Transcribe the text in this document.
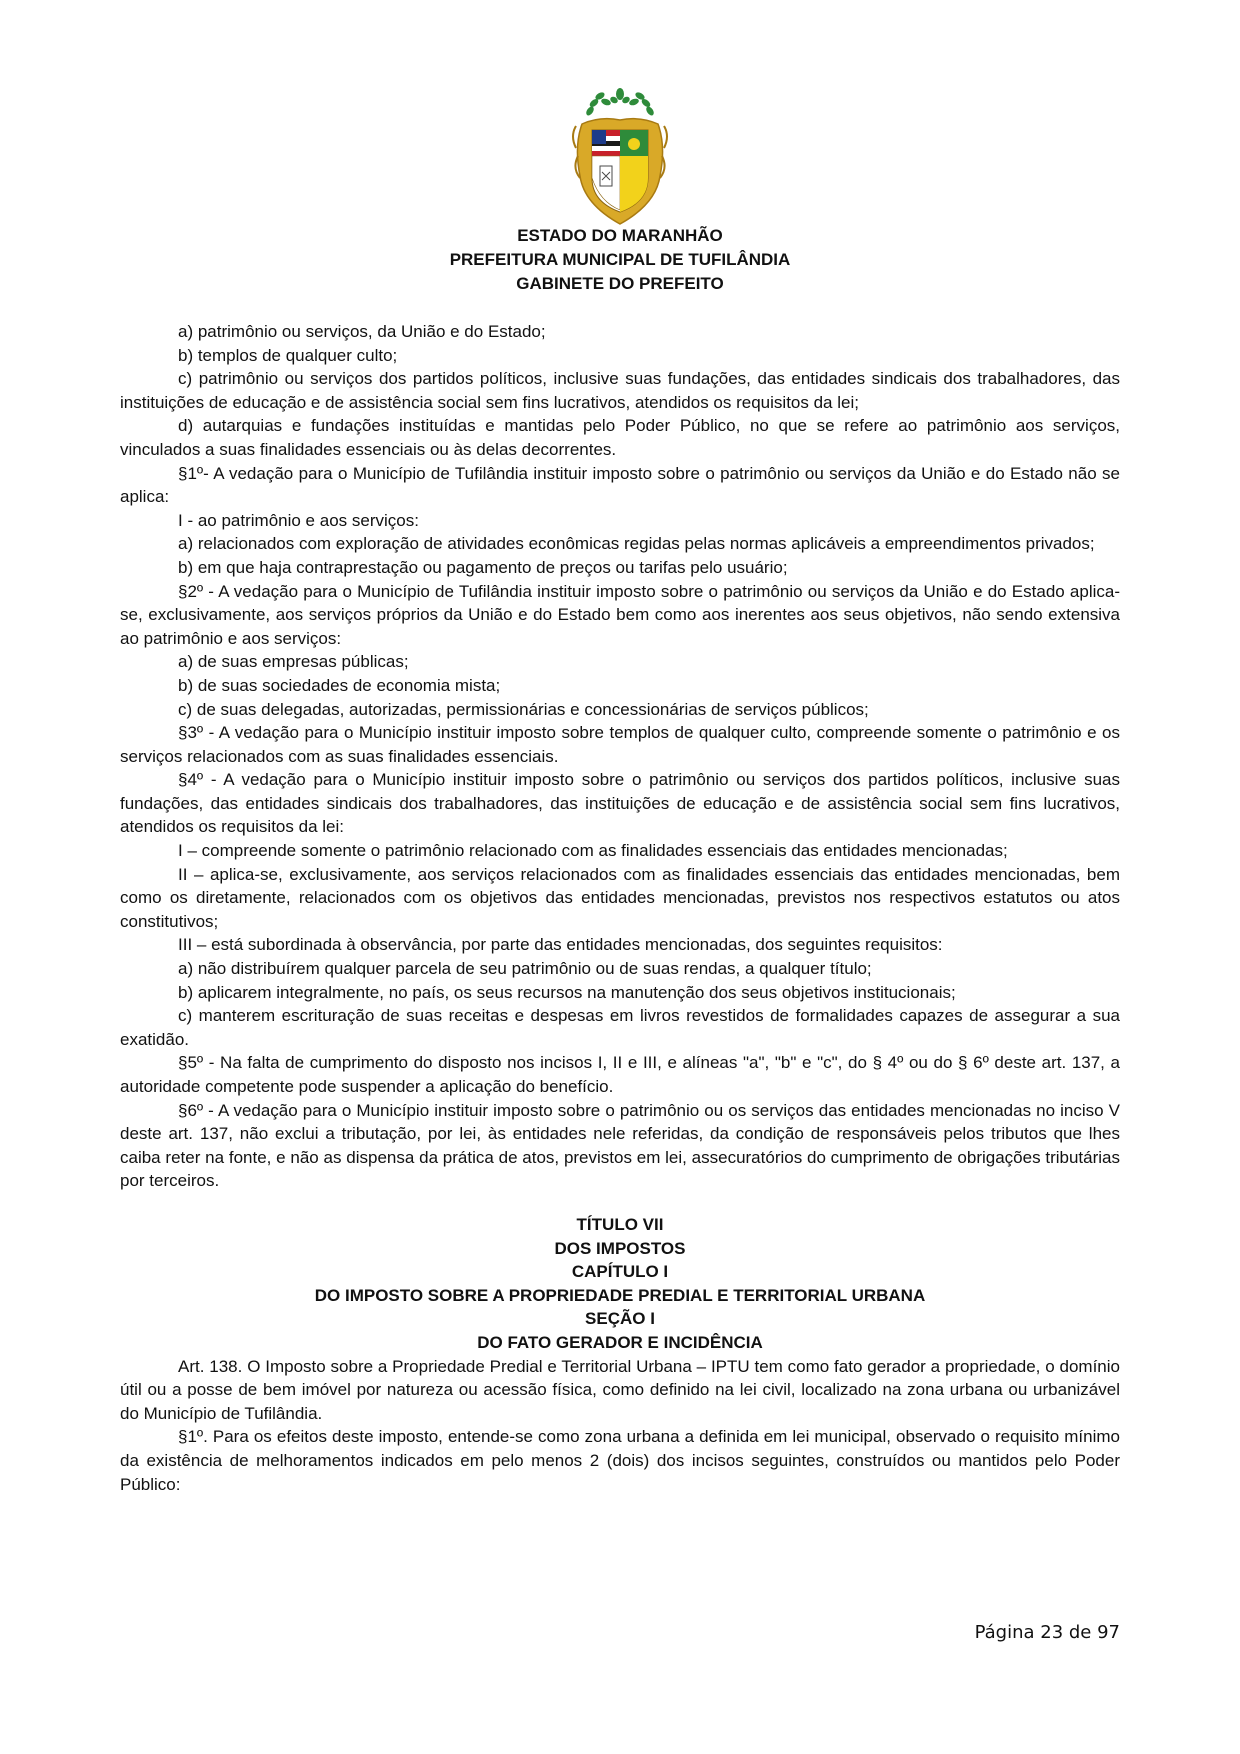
ESTADO DO MARANHÃO
PREFEITURA MUNICIPAL DE TUFILÂNDIA
GABINETE DO PREFEITO

a) patrimônio ou serviços, da União e do Estado;

b) templos de qualquer culto;

c) patrimônio ou serviços dos partidos políticos, inclusive suas fundações, das entidades sindicais dos trabalhadores, das instituições de educação e de assistência social sem fins lucrativos, atendidos os requisitos da lei;

d) autarquias e fundações instituídas e mantidas pelo Poder Público, no que se refere ao patrimônio aos serviços, vinculados a suas finalidades essenciais ou às delas decorrentes.

§1º- A vedação para o Município de Tufilândia instituir imposto sobre o patrimônio ou serviços da União e do Estado não se aplica:

I - ao patrimônio e aos serviços:

a) relacionados com exploração de atividades econômicas regidas pelas normas aplicáveis a empreendimentos privados;

b) em que haja contraprestação ou pagamento de preços ou tarifas pelo usuário;

§2º - A vedação para o Município de Tufilândia instituir imposto sobre o patrimônio ou serviços da União e do Estado aplica-se, exclusivamente, aos serviços próprios da União e do Estado bem como aos inerentes aos seus objetivos, não sendo extensiva ao patrimônio e aos serviços:

a) de suas empresas públicas;

b) de suas sociedades de economia mista;

c) de suas delegadas, autorizadas, permissionárias e concessionárias de serviços públicos;

§3º - A vedação para o Município instituir imposto sobre templos de qualquer culto, compreende somente o patrimônio e os serviços relacionados com as suas finalidades essenciais.

§4º - A vedação para o Município instituir imposto sobre o patrimônio ou serviços dos partidos políticos, inclusive suas fundações, das entidades sindicais dos trabalhadores, das instituições de educação e de assistência social sem fins lucrativos, atendidos os requisitos da lei:

I – compreende somente o patrimônio relacionado com as finalidades essenciais das entidades mencionadas;

II – aplica-se, exclusivamente, aos serviços relacionados com as finalidades essenciais das entidades mencionadas, bem como os diretamente, relacionados com os objetivos das entidades mencionadas, previstos nos respectivos estatutos ou atos constitutivos;

III – está subordinada à observância, por parte das entidades mencionadas, dos seguintes requisitos:

a) não distribuírem qualquer parcela de seu patrimônio ou de suas rendas, a qualquer título;

b) aplicarem integralmente, no país, os seus recursos na manutenção dos seus objetivos institucionais;

c) manterem escrituração de suas receitas e despesas em livros revestidos de formalidades capazes de assegurar a sua exatidão.

§5º - Na falta de cumprimento do disposto nos incisos I, II e III, e alíneas "a", "b" e "c", do § 4º ou do § 6º deste art. 137, a autoridade competente pode suspender a aplicação do benefício.

§6º - A vedação para o Município instituir imposto sobre o patrimônio ou os serviços das entidades mencionadas no inciso V deste art. 137, não exclui a tributação, por lei, às entidades nele referidas, da condição de responsáveis pelos tributos que lhes caiba reter na fonte, e não as dispensa da prática de atos, previstos em lei, assecuratórios do cumprimento de obrigações tributárias por terceiros.

TÍTULO VII
DOS IMPOSTOS
CAPÍTULO I
DO IMPOSTO SOBRE A PROPRIEDADE PREDIAL E TERRITORIAL URBANA
SEÇÃO I
DO FATO GERADOR E INCIDÊNCIA

Art. 138. O Imposto sobre a Propriedade Predial e Territorial Urbana – IPTU tem como fato gerador a propriedade, o domínio útil ou a posse de bem imóvel por natureza ou acessão física, como definido na lei civil, localizado na zona urbana ou urbanizável do Município de Tufilândia.

§1º. Para os efeitos deste imposto, entende-se como zona urbana a definida em lei municipal, observado o requisito mínimo da existência de melhoramentos indicados em pelo menos 2 (dois) dos incisos seguintes, construídos ou mantidos pelo Poder Público:

Página 23 de 97
